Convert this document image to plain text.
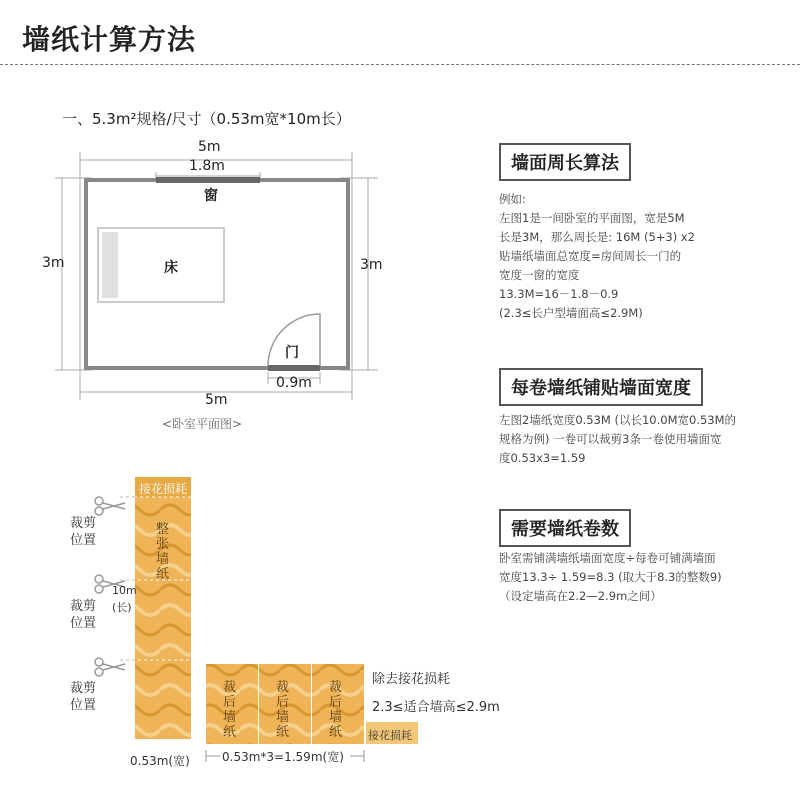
墙纸计算方法
一、5.3m²规格/尺寸（0.53m宽*10m长）
5m
1.8m
窗
3m	3m
床
门
0.9m
5m
<卧室平面图>
墙面周长算法
例如:
左图1是一间卧室的平面图，宽是5M
长是3M，那么周长是: 16M (5+3) x2
贴墙纸墙面总宽度=房间周长一门的
宽度一窗的宽度
13.3M=16－1.8－0.9
(2.3≤长户型墙面高≤2.9M)
每卷墙纸铺贴墙面宽度
左图2墙纸宽度0.53M (以长10.0M宽0.53M的
规格为例) 一卷可以裁剪3条一卷使用墙面宽
度0.53x3=1.59
需要墙纸卷数
卧室需铺满墙纸墙面宽度÷每卷可铺满墙面
宽度13.3÷ 1.59=8.3 (取大于8.3的整数9)
（设定墙高在2.2—2.9m之间）
接花损耗
裁剪
位置
裁剪
位置
裁剪
位置
整
张
墙
纸
10m
(长)
0.53m(宽)
裁
后
墙
纸
裁
后
墙
纸
裁
后
墙
纸
除去接花损耗
2.3≤适合墙高≤2.9m
接花损耗
0.53m*3=1.59m(宽)
